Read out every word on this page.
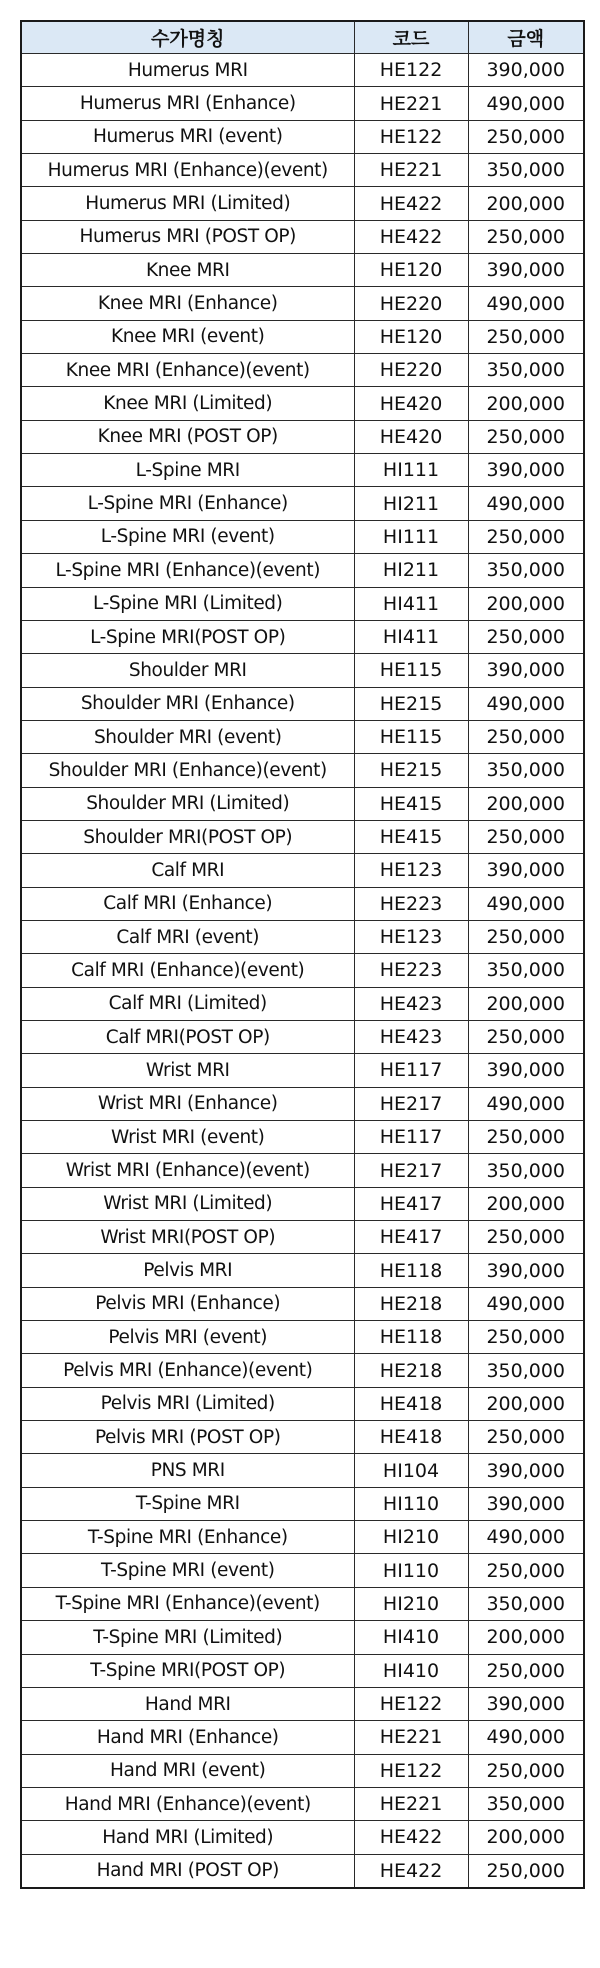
수가명칭	코드	금액
Humerus MRI	HE122	390,000
Humerus MRI (Enhance)	HE221	490,000
Humerus MRI (event)	HE122	250,000
Humerus MRI (Enhance)(event)	HE221	350,000
Humerus MRI (Limited)	HE422	200,000
Humerus MRI (POST OP)	HE422	250,000
Knee MRI	HE120	390,000
Knee MRI (Enhance)	HE220	490,000
Knee MRI (event)	HE120	250,000
Knee MRI (Enhance)(event)	HE220	350,000
Knee MRI (Limited)	HE420	200,000
Knee MRI (POST OP)	HE420	250,000
L-Spine MRI	HI111	390,000
L-Spine MRI (Enhance)	HI211	490,000
L-Spine MRI (event)	HI111	250,000
L-Spine MRI (Enhance)(event)	HI211	350,000
L-Spine MRI (Limited)	HI411	200,000
L-Spine MRI(POST OP)	HI411	250,000
Shoulder MRI	HE115	390,000
Shoulder MRI (Enhance)	HE215	490,000
Shoulder MRI (event)	HE115	250,000
Shoulder MRI (Enhance)(event)	HE215	350,000
Shoulder MRI (Limited)	HE415	200,000
Shoulder MRI(POST OP)	HE415	250,000
Calf MRI	HE123	390,000
Calf MRI (Enhance)	HE223	490,000
Calf MRI (event)	HE123	250,000
Calf MRI (Enhance)(event)	HE223	350,000
Calf MRI (Limited)	HE423	200,000
Calf MRI(POST OP)	HE423	250,000
Wrist MRI	HE117	390,000
Wrist MRI (Enhance)	HE217	490,000
Wrist MRI (event)	HE117	250,000
Wrist MRI (Enhance)(event)	HE217	350,000
Wrist MRI (Limited)	HE417	200,000
Wrist MRI(POST OP)	HE417	250,000
Pelvis MRI	HE118	390,000
Pelvis MRI (Enhance)	HE218	490,000
Pelvis MRI (event)	HE118	250,000
Pelvis MRI (Enhance)(event)	HE218	350,000
Pelvis MRI (Limited)	HE418	200,000
Pelvis MRI (POST OP)	HE418	250,000
PNS MRI	HI104	390,000
T-Spine MRI	HI110	390,000
T-Spine MRI (Enhance)	HI210	490,000
T-Spine MRI (event)	HI110	250,000
T-Spine MRI (Enhance)(event)	HI210	350,000
T-Spine MRI (Limited)	HI410	200,000
T-Spine MRI(POST OP)	HI410	250,000
Hand MRI	HE122	390,000
Hand MRI (Enhance)	HE221	490,000
Hand MRI (event)	HE122	250,000
Hand MRI (Enhance)(event)	HE221	350,000
Hand MRI (Limited)	HE422	200,000
Hand MRI (POST OP)	HE422	250,000
